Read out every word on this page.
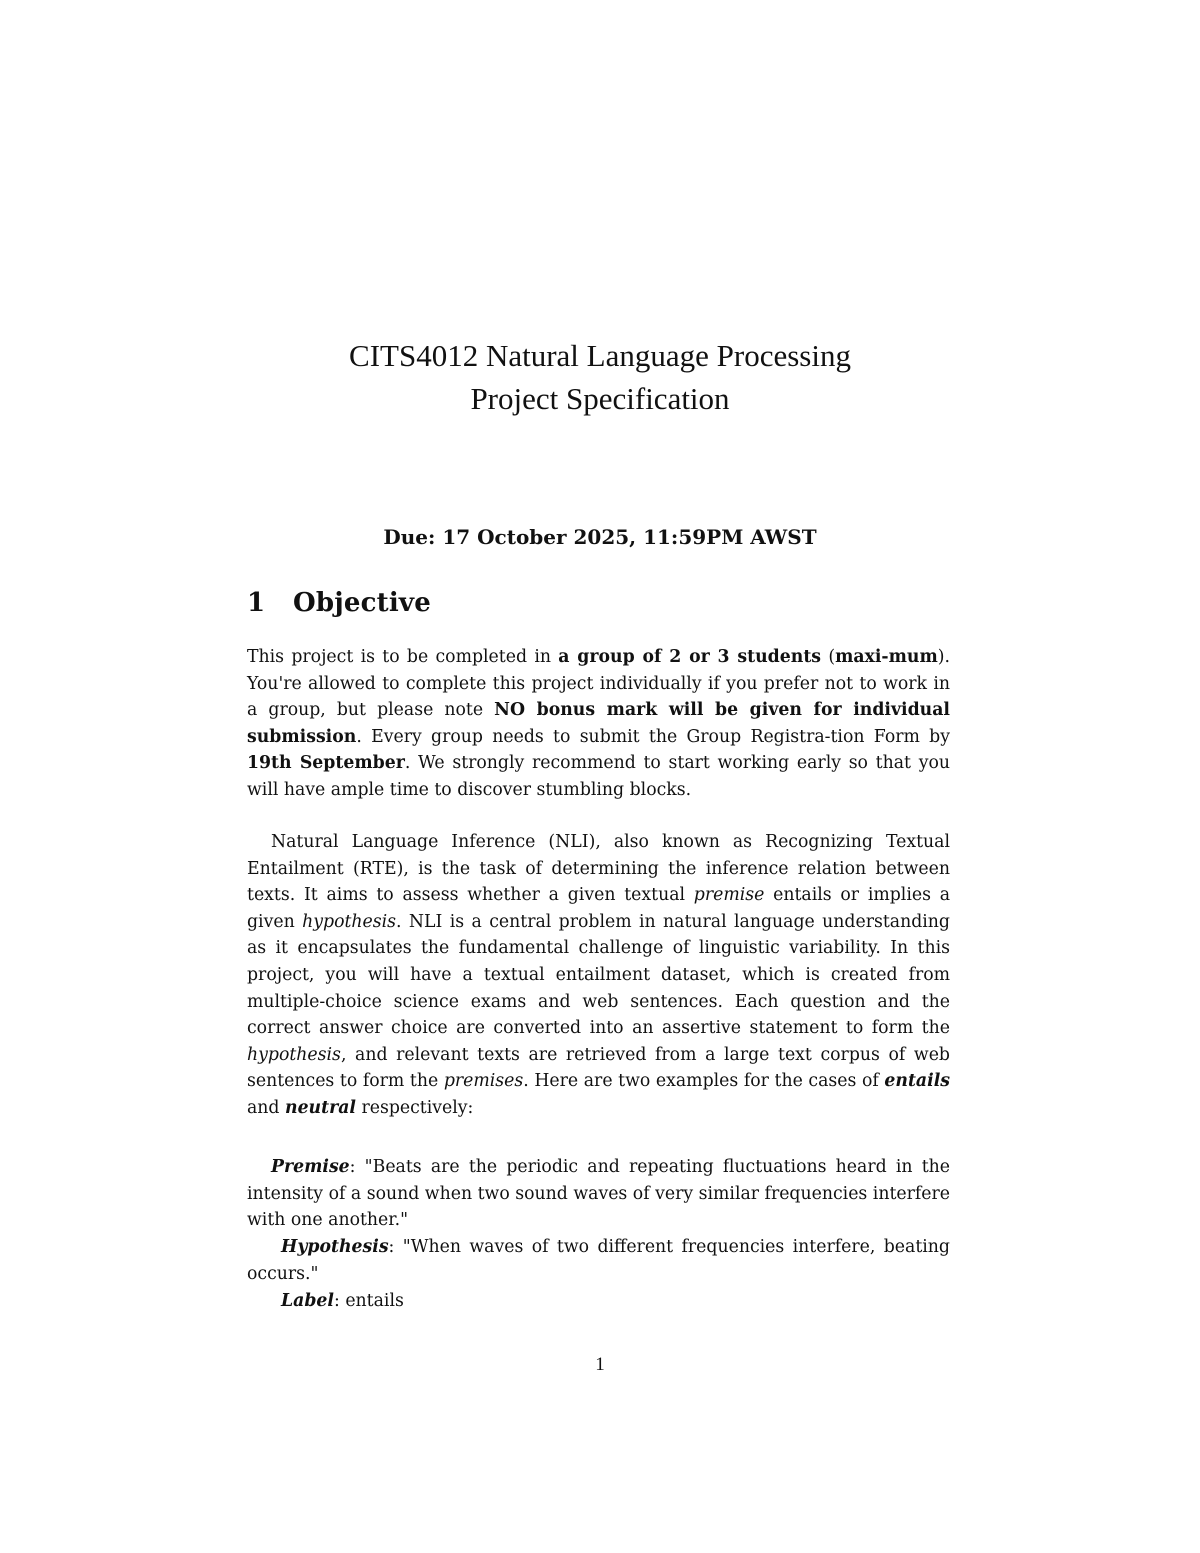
CITS4012 Natural Language Processing
Project Specification
Due: 17 October 2025, 11:59PM AWST
1 Objective

This project is to be completed in a group of 2 or 3 students (maxi-mum). You're allowed to complete this project individually if you prefer not to work in a group, but please note NO bonus mark will be given for individual submission. Every group needs to submit the Group Registra-tion Form by 19th September. We strongly recommend to start working early so that you will have ample time to discover stumbling blocks.

Natural Language Inference (NLI), also known as Recognizing Textual Entailment (RTE), is the task of determining the inference relation between texts. It aims to assess whether a given textual premise entails or implies a given hypothesis. NLI is a central problem in natural language understanding as it encapsulates the fundamental challenge of linguistic variability. In this project, you will have a textual entailment dataset, which is created from multiple-choice science exams and web sentences. Each question and the correct answer choice are converted into an assertive statement to form the hypothesis, and relevant texts are retrieved from a large text corpus of web sentences to form the premises. Here are two examples for the cases of entails and neutral respectively:

Premise: "Beats are the periodic and repeating fluctuations heard in the intensity of a sound when two sound waves of very similar frequencies interfere with one another."

Hypothesis: "When waves of two different frequencies interfere, beating occurs."

Label: entails

1
